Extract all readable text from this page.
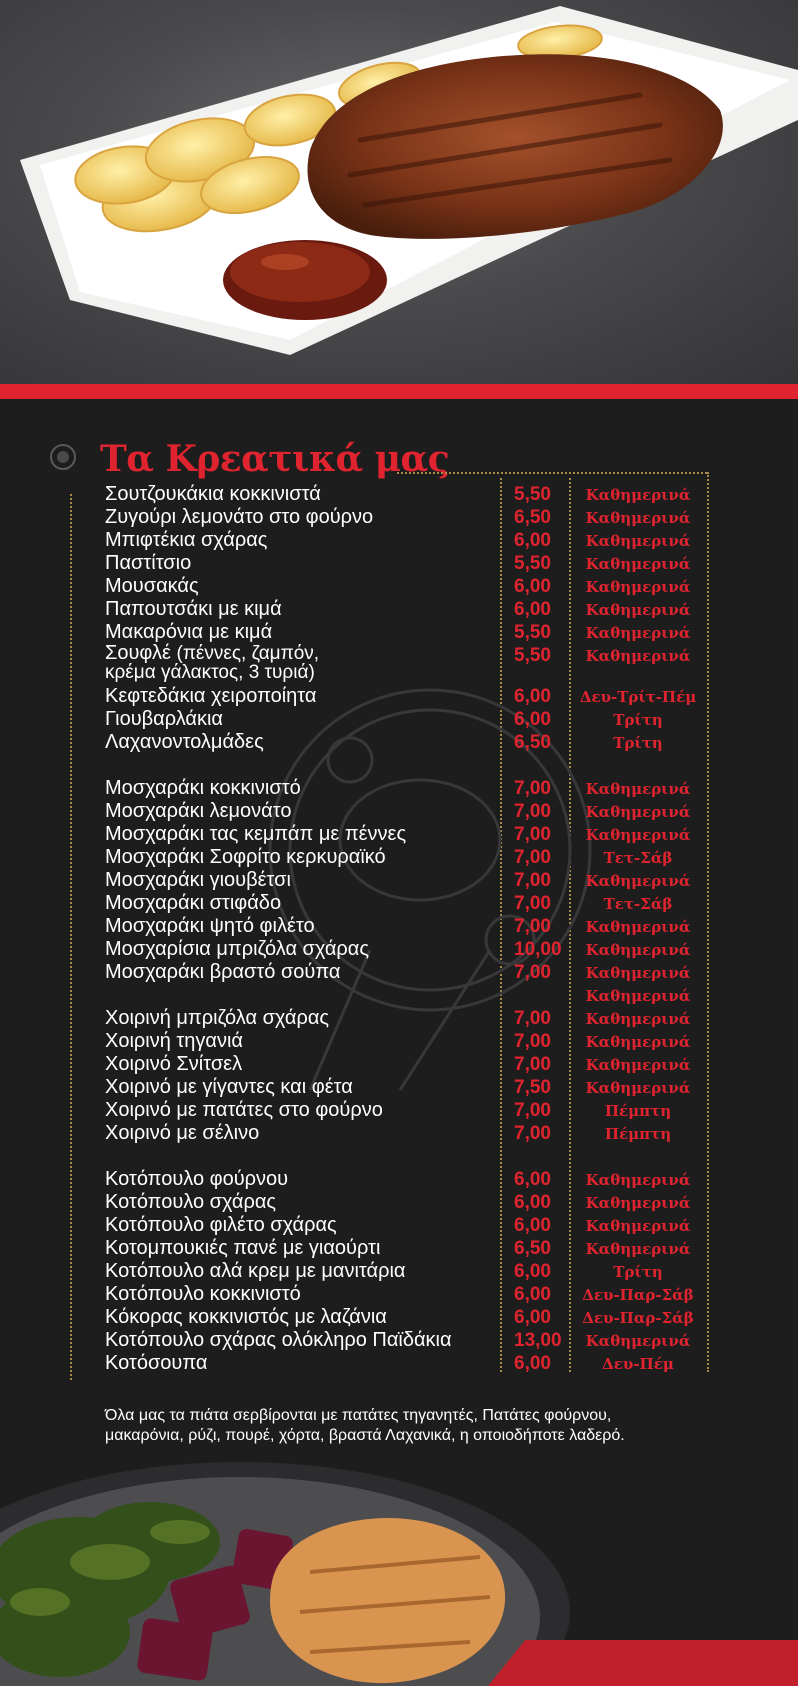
Τα Κρεατικά μας
Σουτζουκάκια κοκκινιστά	5,50	Καθημερινά
Ζυγούρι λεμονάτο στο φούρνο	6,50	Καθημερινά
Μπιφτέκια σχάρας	6,00	Καθημερινά
Παστίτσιο	5,50	Καθημερινά
Μουσακάς	6,00	Καθημερινά
Παπουτσάκι με κιμά	6,00	Καθημερινά
Μακαρόνια με κιμά	5,50	Καθημερινά
Σουφλέ (πέννες, ζαμπόν,
κρέμα γάλακτος, 3 τυριά)
5,50	Καθημερινά
Κεφτεδάκια χειροποίητα	6,00	Δευ-Τρίτ-Πέμ
Γιουβαρλάκια	6,00	Τρίτη
Λαχανοντολμάδες	6,50	Τρίτη
Μοσχαράκι κοκκινιστό	7,00	Καθημερινά
Μοσχαράκι λεμονάτο	7,00	Καθημερινά
Μοσχαράκι τας κεμπάπ με πέννες	7,00	Καθημερινά
Μοσχαράκι Σοφρίτο κερκυραϊκό	7,00	Τετ-Σάβ
Μοσχαράκι γιουβέτσι	7,00	Καθημερινά
Μοσχαράκι στιφάδο	7,00	Τετ-Σάβ
Μοσχαράκι ψητό φιλέτο	7,00	Καθημερινά
Μοσχαρίσια μπριζόλα σχάρας	10,00	Καθημερινά
Μοσχαράκι βραστό σούπα	7,00	Καθημερινά
Καθημερινά
Χοιρινή μπριζόλα σχάρας	7,00	Καθημερινά
Χοιρινή τηγανιά	7,00	Καθημερινά
Χοιρινό Σνίτσελ	7,00	Καθημερινά
Χοιρινό με γίγαντες και φέτα	7,50	Καθημερινά
Χοιρινό με πατάτες στο φούρνο	7,00	Πέμπτη
Χοιρινό με σέλινο	7,00	Πέμπτη
Κοτόπουλο φούρνου	6,00	Καθημερινά
Κοτόπουλο σχάρας	6,00	Καθημερινά
Κοτόπουλο φιλέτο σχάρας	6,00	Καθημερινά
Κοτομπουκιές πανέ με γιαούρτι	6,50	Καθημερινά
Κοτόπουλο αλά κρεμ με μανιτάρια	6,00	Τρίτη
Κοτόπουλο κοκκινιστό	6,00	Δευ-Παρ-Σάβ
Κόκορας κοκκινιστός με λαζάνια	6,00	Δευ-Παρ-Σάβ
Κοτόπουλο σχάρας ολόκληρο Παϊδάκια	13,00	Καθημερινά
Κοτόσουπα	6,00	Δευ-Πέμ

Όλα μας τα πιάτα σερβίρονται με πατάτες τηγανητές, Πατάτες φούρνου,
μακαρόνια, ρύζι, πουρέ, χόρτα, βραστά Λαχανικά, η οποιοδήποτε λαδερό.
